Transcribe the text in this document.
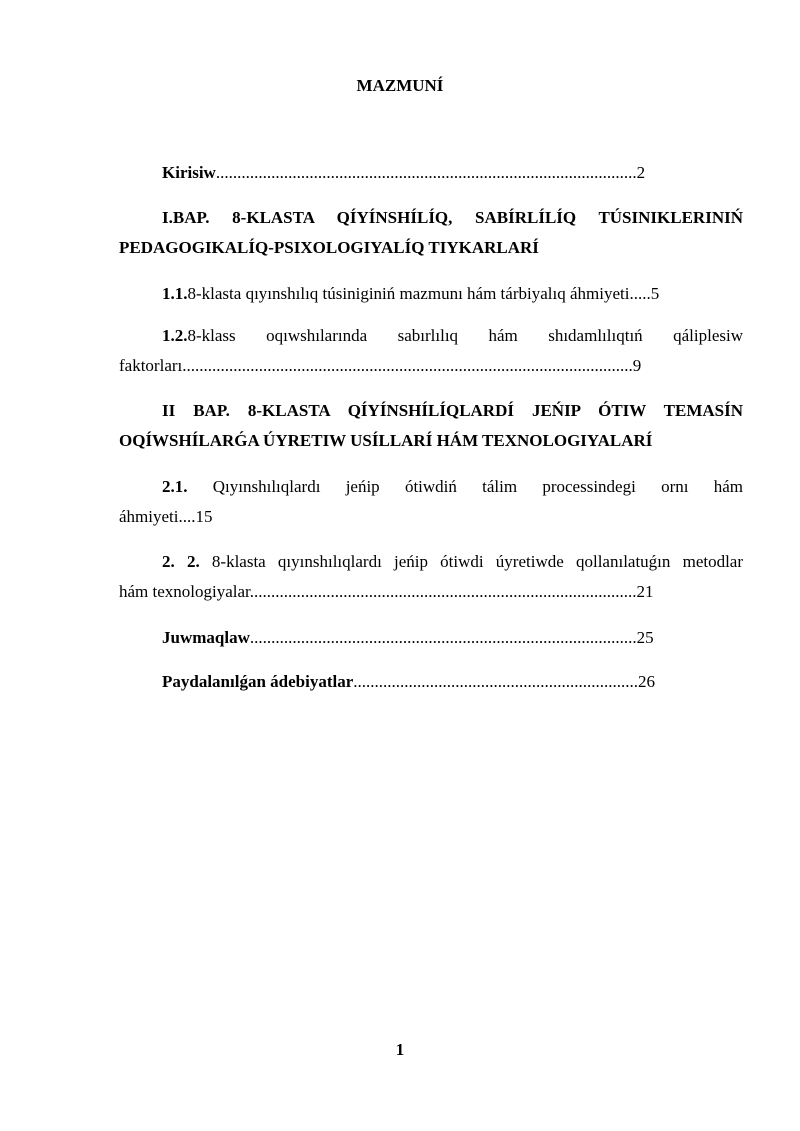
MAZMUNÍ
Kirisiw...................................................................................................2
I.BAP. 8-KLASTA QÍYÍNSHÍLÍQ, SABÍRLÍLÍQ TÚSINIKLERINIŃ
PEDAGOGIKALÍQ-PSIXOLOGIYALÍQ TIYKARLARÍ
1.1.8-klasta qıyınshılıq túsiniginiń mazmunı hám tárbiyalıq áhmiyeti.....5
1.2.8-klass oqıwshılarında sabırlılıq hám shıdamlılıqtıń qáliplesiw
faktorları..........................................................................................................9
II BAP. 8-KLASTA QÍYÍNSHÍLÍQLARDÍ JEŃIP ÓTIW TEMASÍN
OQÍWSHÍLARǴA ÚYRETIW USÍLLARÍ HÁM TEXNOLOGIYALARÍ
2.1. Qıyınshılıqlardı jeńip ótiwdiń tálim processindegi ornı hám
áhmiyeti....15
2. 2. 8-klasta qıyınshılıqlardı jeńip ótiwdi úyretiwde qollanılatuǵın metodlar
hám texnologiyalar...........................................................................................21
Juwmaqlaw...........................................................................................25
Paydalanılǵan ádebiyatlar...................................................................26
1
